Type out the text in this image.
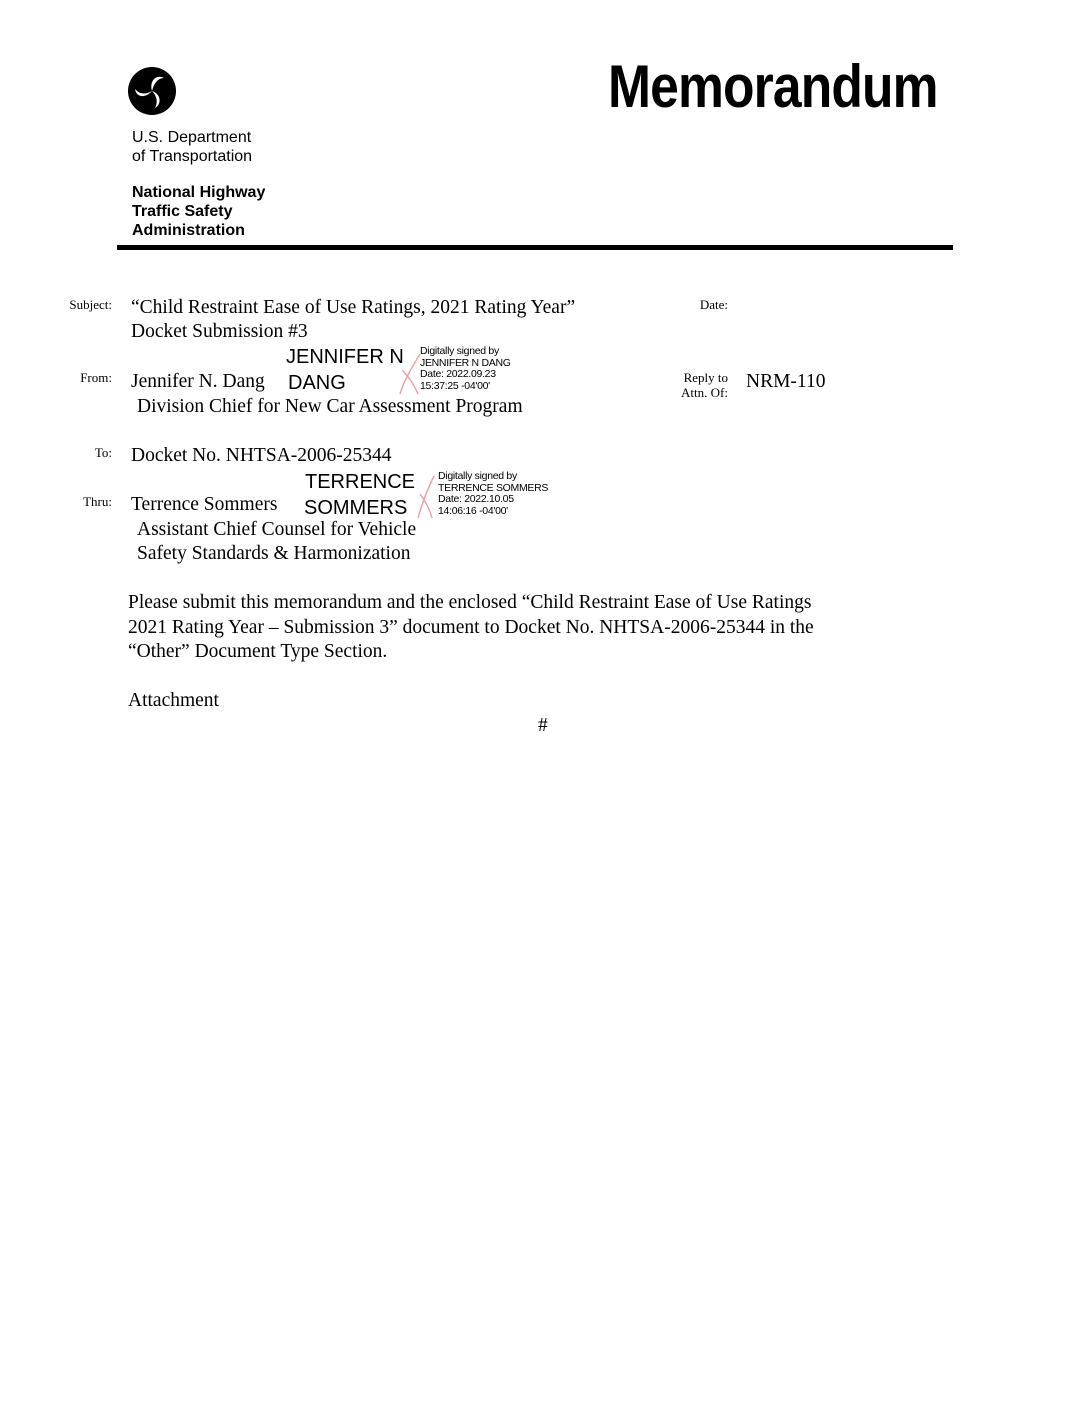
Memorandum
U.S. Department
of Transportation
National Highway
Traffic Safety
Administration
Subject: “Child Restraint Ease of Use Ratings, 2021 Rating Year”
Docket Submission #3
Date:
From: Jennifer N. Dang
Division Chief for New Car Assessment Program
JENNIFER N
DANG
Digitally signed by
JENNIFER N DANG
Date: 2022.09.23
15:37:25 -04'00'
Reply to
Attn. Of:
NRM-110
To: Docket No. NHTSA-2006-25344
Thru: Terrence Sommers
Assistant Chief Counsel for Vehicle
Safety Standards & Harmonization
TERRENCE
SOMMERS
Digitally signed by
TERRENCE SOMMERS
Date: 2022.10.05
14:06:16 -04'00'
Please submit this memorandum and the enclosed “Child Restraint Ease of Use Ratings
2021 Rating Year – Submission 3” document to Docket No. NHTSA-2006-25344 in the
“Other” Document Type Section.
Attachment
#
